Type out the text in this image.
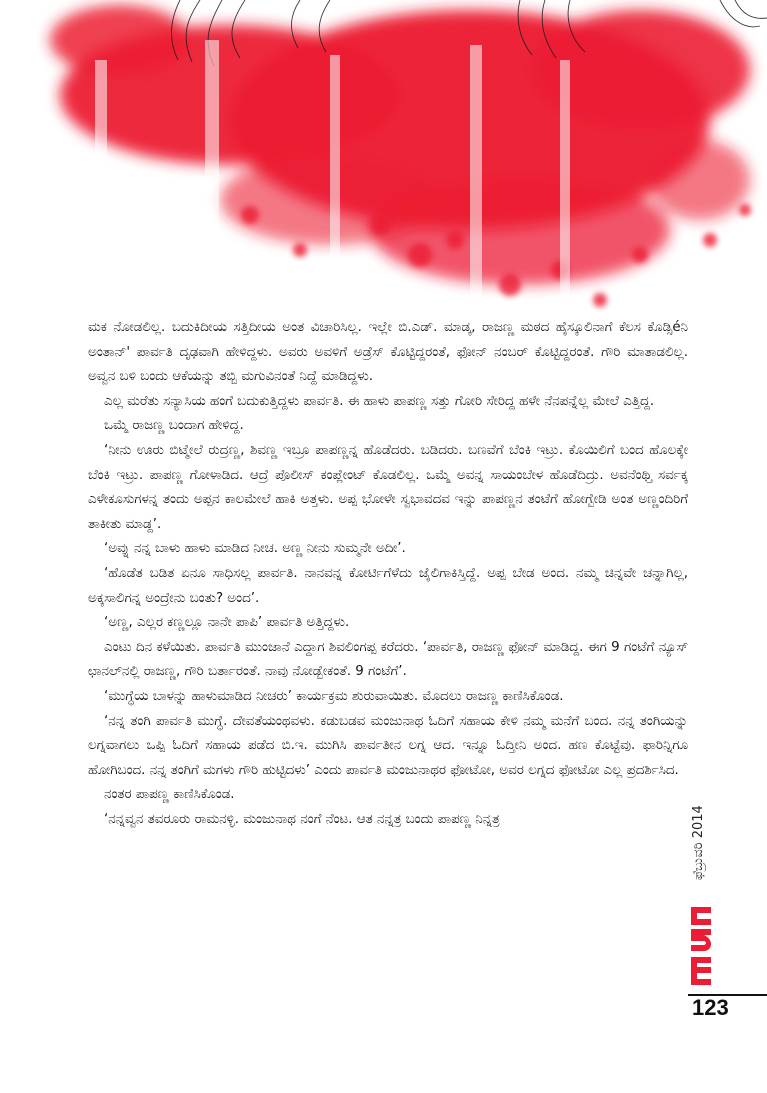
ಮಕ ನೋಡಲಿಲ್ಲ. ಬದುಕಿದೀಯ ಸತ್ತಿದೀಯ ಅಂತ ವಿಚಾರಿಸಿಲ್ಲ. ಇಲ್ಲೇ ಬಿ.ಎಡ್. ಮಾಡ್ಕ, ರಾಜಣ್ಣ ಮಠದ ಹೈಸ್ಕೂಲಿನಾಗೆ ಕೆಲಸ ಕೊಡ್ಸಿéನಿ ಅಂತಾನ್' ಪಾರ್ವತಿ ದೃಢವಾಗಿ ಹೇಳಿದ್ದಳು. ಅವರು ಅವಳಿಗೆ ಅಡ್ರೆಸ್ ಕೊಟ್ಟಿದ್ದರಂತೆ, ಫೋನ್ ನಂಬರ್ ಕೊಟ್ಟಿದ್ದರಂತೆ. ಗೌರಿ ಮಾತಾಡಲಿಲ್ಲ. ಅವ್ವನ ಬಳಿ ಬಂದು ಆಕೆಯನ್ನು ತಬ್ಬಿ ಮಗುವಿನಂತೆ ನಿದ್ದೆ ಮಾಡಿದ್ದಳು.

ಎಲ್ಲ ಮರೆತು ಸನ್ಯಾಸಿಯ ಹಂಗೆ ಬದುಕುತ್ತಿದ್ದಳು ಪಾರ್ವತಿ. ಈ ಹಾಳು ಪಾಪಣ್ಣ ಸತ್ತು ಗೋರಿ ಸೇರಿದ್ದ ಹಳೇ ನೆನಪನ್ನೆಲ್ಲ ಮೇಲೆ ಎತ್ತಿದ್ದ.

ಒಮ್ಮೆ ರಾಜಣ್ಣ ಬಂದಾಗ ಹೇಳಿದ್ದ.

‘ನೀನು ಊರು ಬಿಟ್ಮೇಲೆ ರುದ್ರಣ್ಣ, ಶಿವಣ್ಣ ಇಬ್ರೂ ಪಾಪಣ್ಣನ್ನ ಹೊಡೆದರು. ಬಡಿದರು. ಬಣವೆಗೆ ಬೆಂಕಿ ಇಟ್ರು. ಕೊಯಿಲಿಗೆ ಬಂದ ಹೊಲಕ್ಕೇ ಬೆಂಕಿ ಇಟ್ರು. ಪಾಪಣ್ಣ ಗೋಳಾಡಿದ. ಆದ್ರೆ ಪೊಲೀಸ್ ಕಂಪ್ಲೇಂಟ್ ಕೊಡಲಿಲ್ಲ. ಒಮ್ಮೆ ಅವನ್ನ ಸಾಯಂಬೇಳ ಹೊಡೆದಿದ್ರು. ಅವನೆಂಥ್ತಿ ಸರ್ವಕ್ಕ ಎಳೇಕೂಸುಗಳನ್ನ ತಂದು ಅಪ್ಪನ ಕಾಲಮೇಲೆ ಹಾಕಿ ಅತ್ತಳು. ಅಪ್ಪ ಭೋಳೇ ಸ್ವಭಾವದವ ಇನ್ನು ಪಾಪಣ್ಣನ ತಂಟೆಗೆ ಹೋಗ್ಬೇಡಿ ಅಂತ ಅಣ್ಣಂದಿರಿಗೆ ತಾಕೀತು ಮಾಡ್ದ’.

‘ಅವ್ನು ನನ್ನ ಬಾಳು ಹಾಳು ಮಾಡಿದ ನೀಚ. ಅಣ್ಣ ನೀನು ಸುಮ್ಮನೇ ಅದೀ’.

‘ಹೊಡೆತ ಬಡಿತ ಏನೂ ಸಾಧಿಸಲ್ಲ ಪಾರ್ವತಿ. ನಾನವನ್ನ ಕೋರ್ಟಿಗೆಳೆದು ಜೈಲಿಗಾಕಿಸ್ತಿದ್ದೆ. ಅಪ್ಪ ಬೇಡ ಅಂದ. ನಮ್ಮ ಚಿನ್ನವೇ ಚನ್ನಾಗಿಲ್ಲ, ಅಕ್ಕಸಾಲಿಗನ್ನ ಅಂದ್ರೇನು ಬಂತು? ಅಂದ’.

‘ಅಣ್ಣ, ಎಲ್ಲರ ಕಣ್ಣಲ್ಲೂ ನಾನೇ ಪಾಪಿ’ ಪಾರ್ವತಿ ಅತ್ತಿದ್ದಳು.

ಎಂಟು ದಿನ ಕಳೆಯಿತು. ಪಾರ್ವತಿ ಮುಂಜಾನೆ ಎದ್ದಾಗ ಶಿವಲಿಂಗಪ್ಪ ಕರೆದರು. ‘ಪಾರ್ವತಿ, ರಾಜಣ್ಣ ಫೋನ್ ಮಾಡಿದ್ದ. ಈಗ 9 ಗಂಟೆಗೆ ನ್ಯೂಸ್ ಛಾನಲ್‌ನಲ್ಲಿ ರಾಜಣ್ಣ, ಗೌರಿ ಬರ್ತಾರಂತೆ. ನಾವು ನೋಡ್ಬೇಕಂತೆ. 9 ಗಂಟೆಗೆ’.

‘ಮುಗ್ಧೆಯ ಬಾಳನ್ನು ಹಾಳುಮಾಡಿದ ನೀಚರು’ ಕಾರ್ಯಕ್ರಮ ಶುರುವಾಯಿತು. ಮೊದಲು ರಾಜಣ್ಣ ಕಾಣಿಸಿಕೊಂಡ.

‘ನನ್ನ ತಂಗಿ ಪಾರ್ವತಿ ಮುಗ್ಧೆ. ದೇವತೆಯಂಥವಳು. ಕಡುಬಡವ ಮಂಜುನಾಥ ಓದಿಗೆ ಸಹಾಯ ಕೇಳಿ ನಮ್ಮ ಮನೆಗೆ ಬಂದ. ನನ್ನ ತಂಗಿಯನ್ನು ಲಗ್ನವಾಗಲು ಒಪ್ಪಿ ಓದಿಗೆ ಸಹಾಯ ಪಡೆದ ಬಿ.ಇ. ಮುಗಿಸಿ ಪಾರ್ವತೀನ ಲಗ್ನ ಆದ. ಇನ್ನೂ ಓದ್ತೀನಿ ಅಂದ. ಹಣ ಕೊಟ್ಟೆವು. ಫಾರಿನ್ನಿಗೂ ಹೋಗಿಬಂದ. ನನ್ನ ತಂಗಿಗೆ ಮಗಳು ಗೌರಿ ಹುಟ್ಟಿದಳು’ ಎಂದು ಪಾರ್ವತಿ ಮಂಜುನಾಥರ ಫೋಟೋ, ಅವರ ಲಗ್ನದ ಫೋಟೋ ಎಲ್ಲ ಪ್ರದರ್ಶಿಸಿದ.

ನಂತರ ಪಾಪಣ್ಣ ಕಾಣಿಸಿಕೊಂಡ.

‘ನನ್ನವ್ವನ ತವರೂರು ರಾಮನಳ್ಳಿ. ಮಂಜುನಾಥ ನಂಗೆ ನೆಂಟ. ಆತ ನನ್ನತ್ರ ಬಂದು ಪಾಪಣ್ಣ ನಿನ್ನತ್ರ	ಫೆಬ್ರುವರಿ 2014
123
